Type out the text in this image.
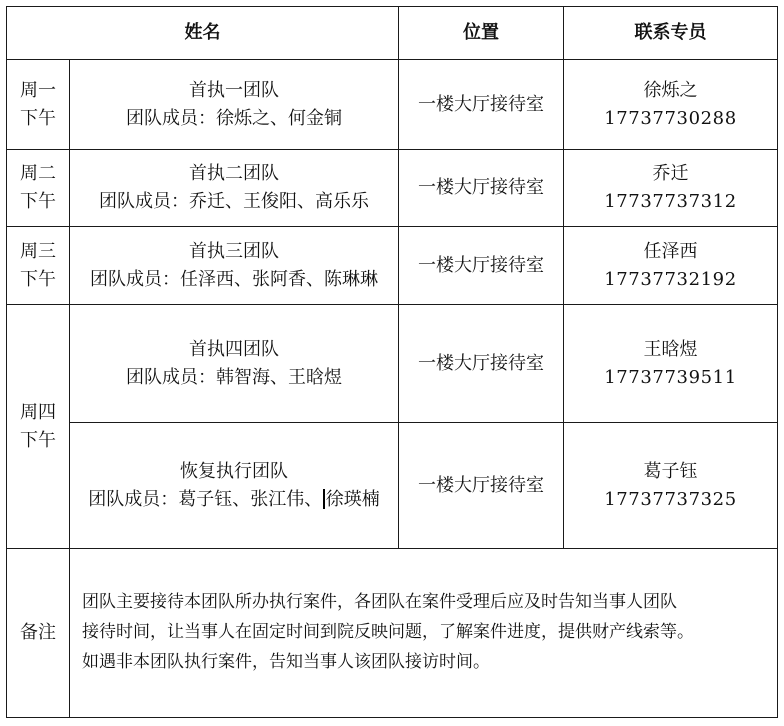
姓名		位置	联系专员

周一
下午	首执一团队
团队成员：徐烁之、何金铜	一楼大厅接待室	徐烁之
17737730288

周二
下午	首执二团队
团队成员：乔迁、王俊阳、高乐乐	一楼大厅接待室	乔迁
17737737312

周三
下午	首执三团队
团队成员：任泽西、张阿香、陈琳琳	一楼大厅接待室	任泽西
17737732192

周四
下午	首执四团队
团队成员：韩智海、王晗煜	一楼大厅接待室	王晗煜
17737739511

	恢复执行团队
团队成员：葛子钰、张江伟、 徐瑛楠	一楼大厅接待室	葛子钰
17737737325

备注	团队主要接待本团队所办执行案件，各团队在案件受理后应及时告知当事人团队
接待时间，让当事人在固定时间到院反映问题，了解案件进度，提供财产线索等。
如遇非本团队执行案件，告知当事人该团队接访时间。		
